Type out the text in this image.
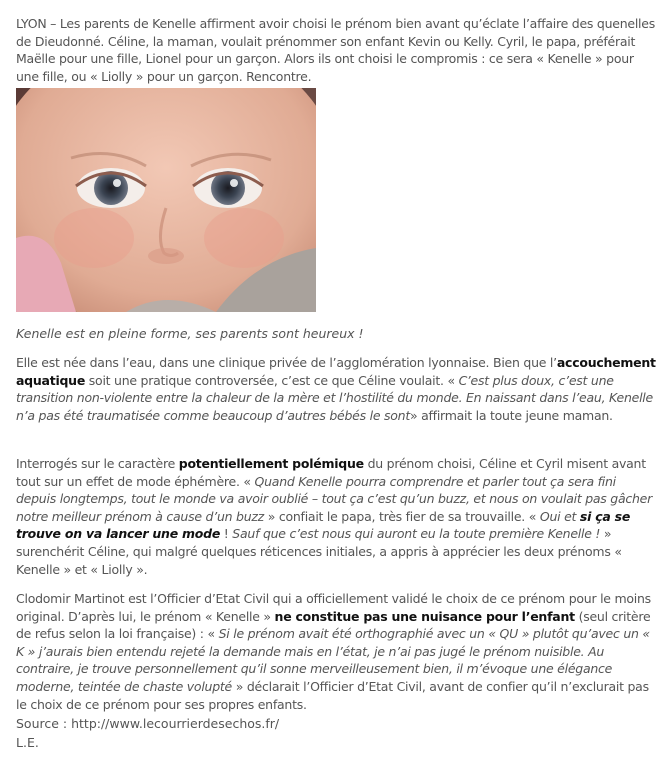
LYON – Les parents de Kenelle affirment avoir choisi le prénom bien avant qu’éclate l’affaire des quenelles de Dieudonné. Céline, la maman, voulait prénommer son enfant Kevin ou Kelly. Cyril, le papa, préférait Maëlle pour une fille, Lionel pour un garçon. Alors ils ont choisi le compromis : ce sera « Kenelle » pour une fille, ou « Liolly » pour un garçon. Rencontre.

Kenelle est en pleine forme, ses parents sont heureux !

Elle est née dans l’eau, dans une clinique privée de l’agglomération lyonnaise. Bien que l’accouchement aquatique soit une pratique controversée, c’est ce que Céline voulait. « C’est plus doux, c’est une transition non-violente entre la chaleur de la mère et l’hostilité du monde. En naissant dans l’eau, Kenelle n’a pas été traumatisée comme beaucoup d’autres bébés le sont» affirmait la toute jeune maman.

Interrogés sur le caractère potentiellement polémique du prénom choisi, Céline et Cyril misent avant tout sur un effet de mode éphémère. « Quand Kenelle pourra comprendre et parler tout ça sera fini depuis longtemps, tout le monde va avoir oublié – tout ça c’est qu’un buzz, et nous on voulait pas gâcher notre meilleur prénom à cause d’un buzz » confiait le papa, très fier de sa trouvaille. « Oui et si ça se trouve on va lancer une mode ! Sauf que c’est nous qui auront eu la toute première Kenelle ! » surenchérit Céline, qui malgré quelques réticences initiales, a appris à apprécier les deux prénoms « Kenelle » et « Liolly ».

Clodomir Martinot est l’Officier d’Etat Civil qui a officiellement validé le choix de ce prénom pour le moins original. D’après lui, le prénom « Kenelle » ne constitue pas une nuisance pour l’enfant (seul critère de refus selon la loi française) : « Si le prénom avait été orthographié avec un « QU » plutôt qu’avec un « K » j’aurais bien entendu rejeté la demande mais en l’état, je n’ai pas jugé le prénom nuisible. Au contraire, je trouve personnellement qu’il sonne merveilleusement bien, il m’évoque une élégance moderne, teintée de chaste volupté » déclarait l’Officier d’Etat Civil, avant de confier qu’il n’exclurait pas le choix de ce prénom pour ses propres enfants.

Source : http://www.lecourrierdesechos.fr/

L.E.
